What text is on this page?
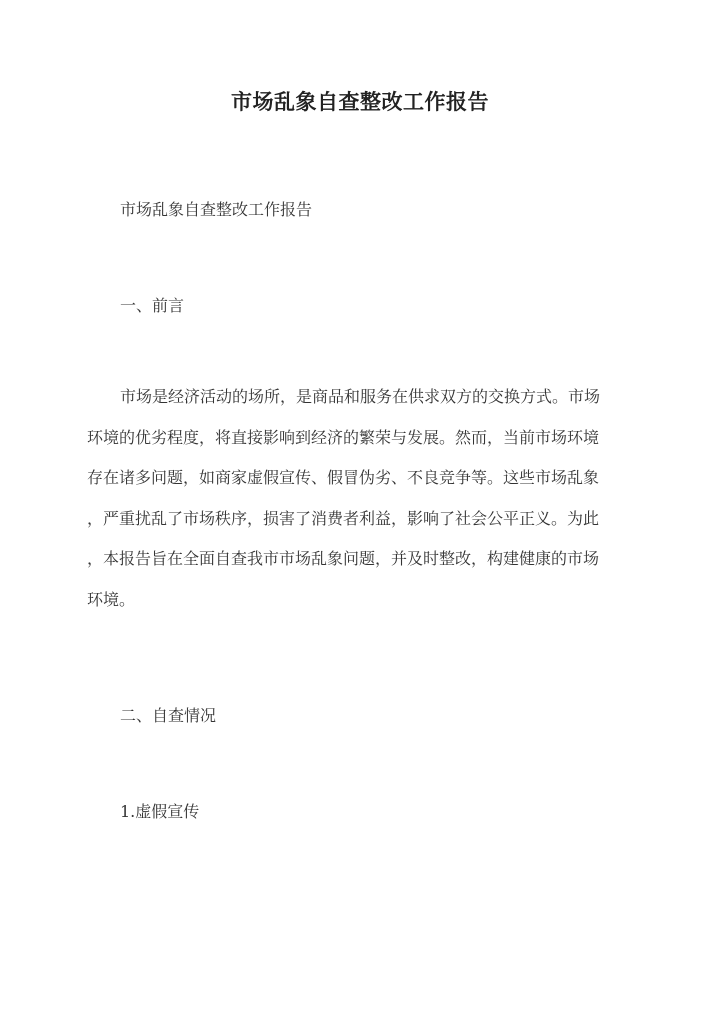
市场乱象自查整改工作报告
市场乱象自查整改工作报告
一、前言
市场是经济活动的场所，是商品和服务在供求双方的交换方式。市场
环境的优劣程度，将直接影响到经济的繁荣与发展。然而，当前市场环境
存在诸多问题，如商家虚假宣传、假冒伪劣、不良竞争等。这些市场乱象
，严重扰乱了市场秩序，损害了消费者利益，影响了社会公平正义。为此
，本报告旨在全面自查我市市场乱象问题，并及时整改，构建健康的市场
环境。
二、自查情况
1.虚假宣传
